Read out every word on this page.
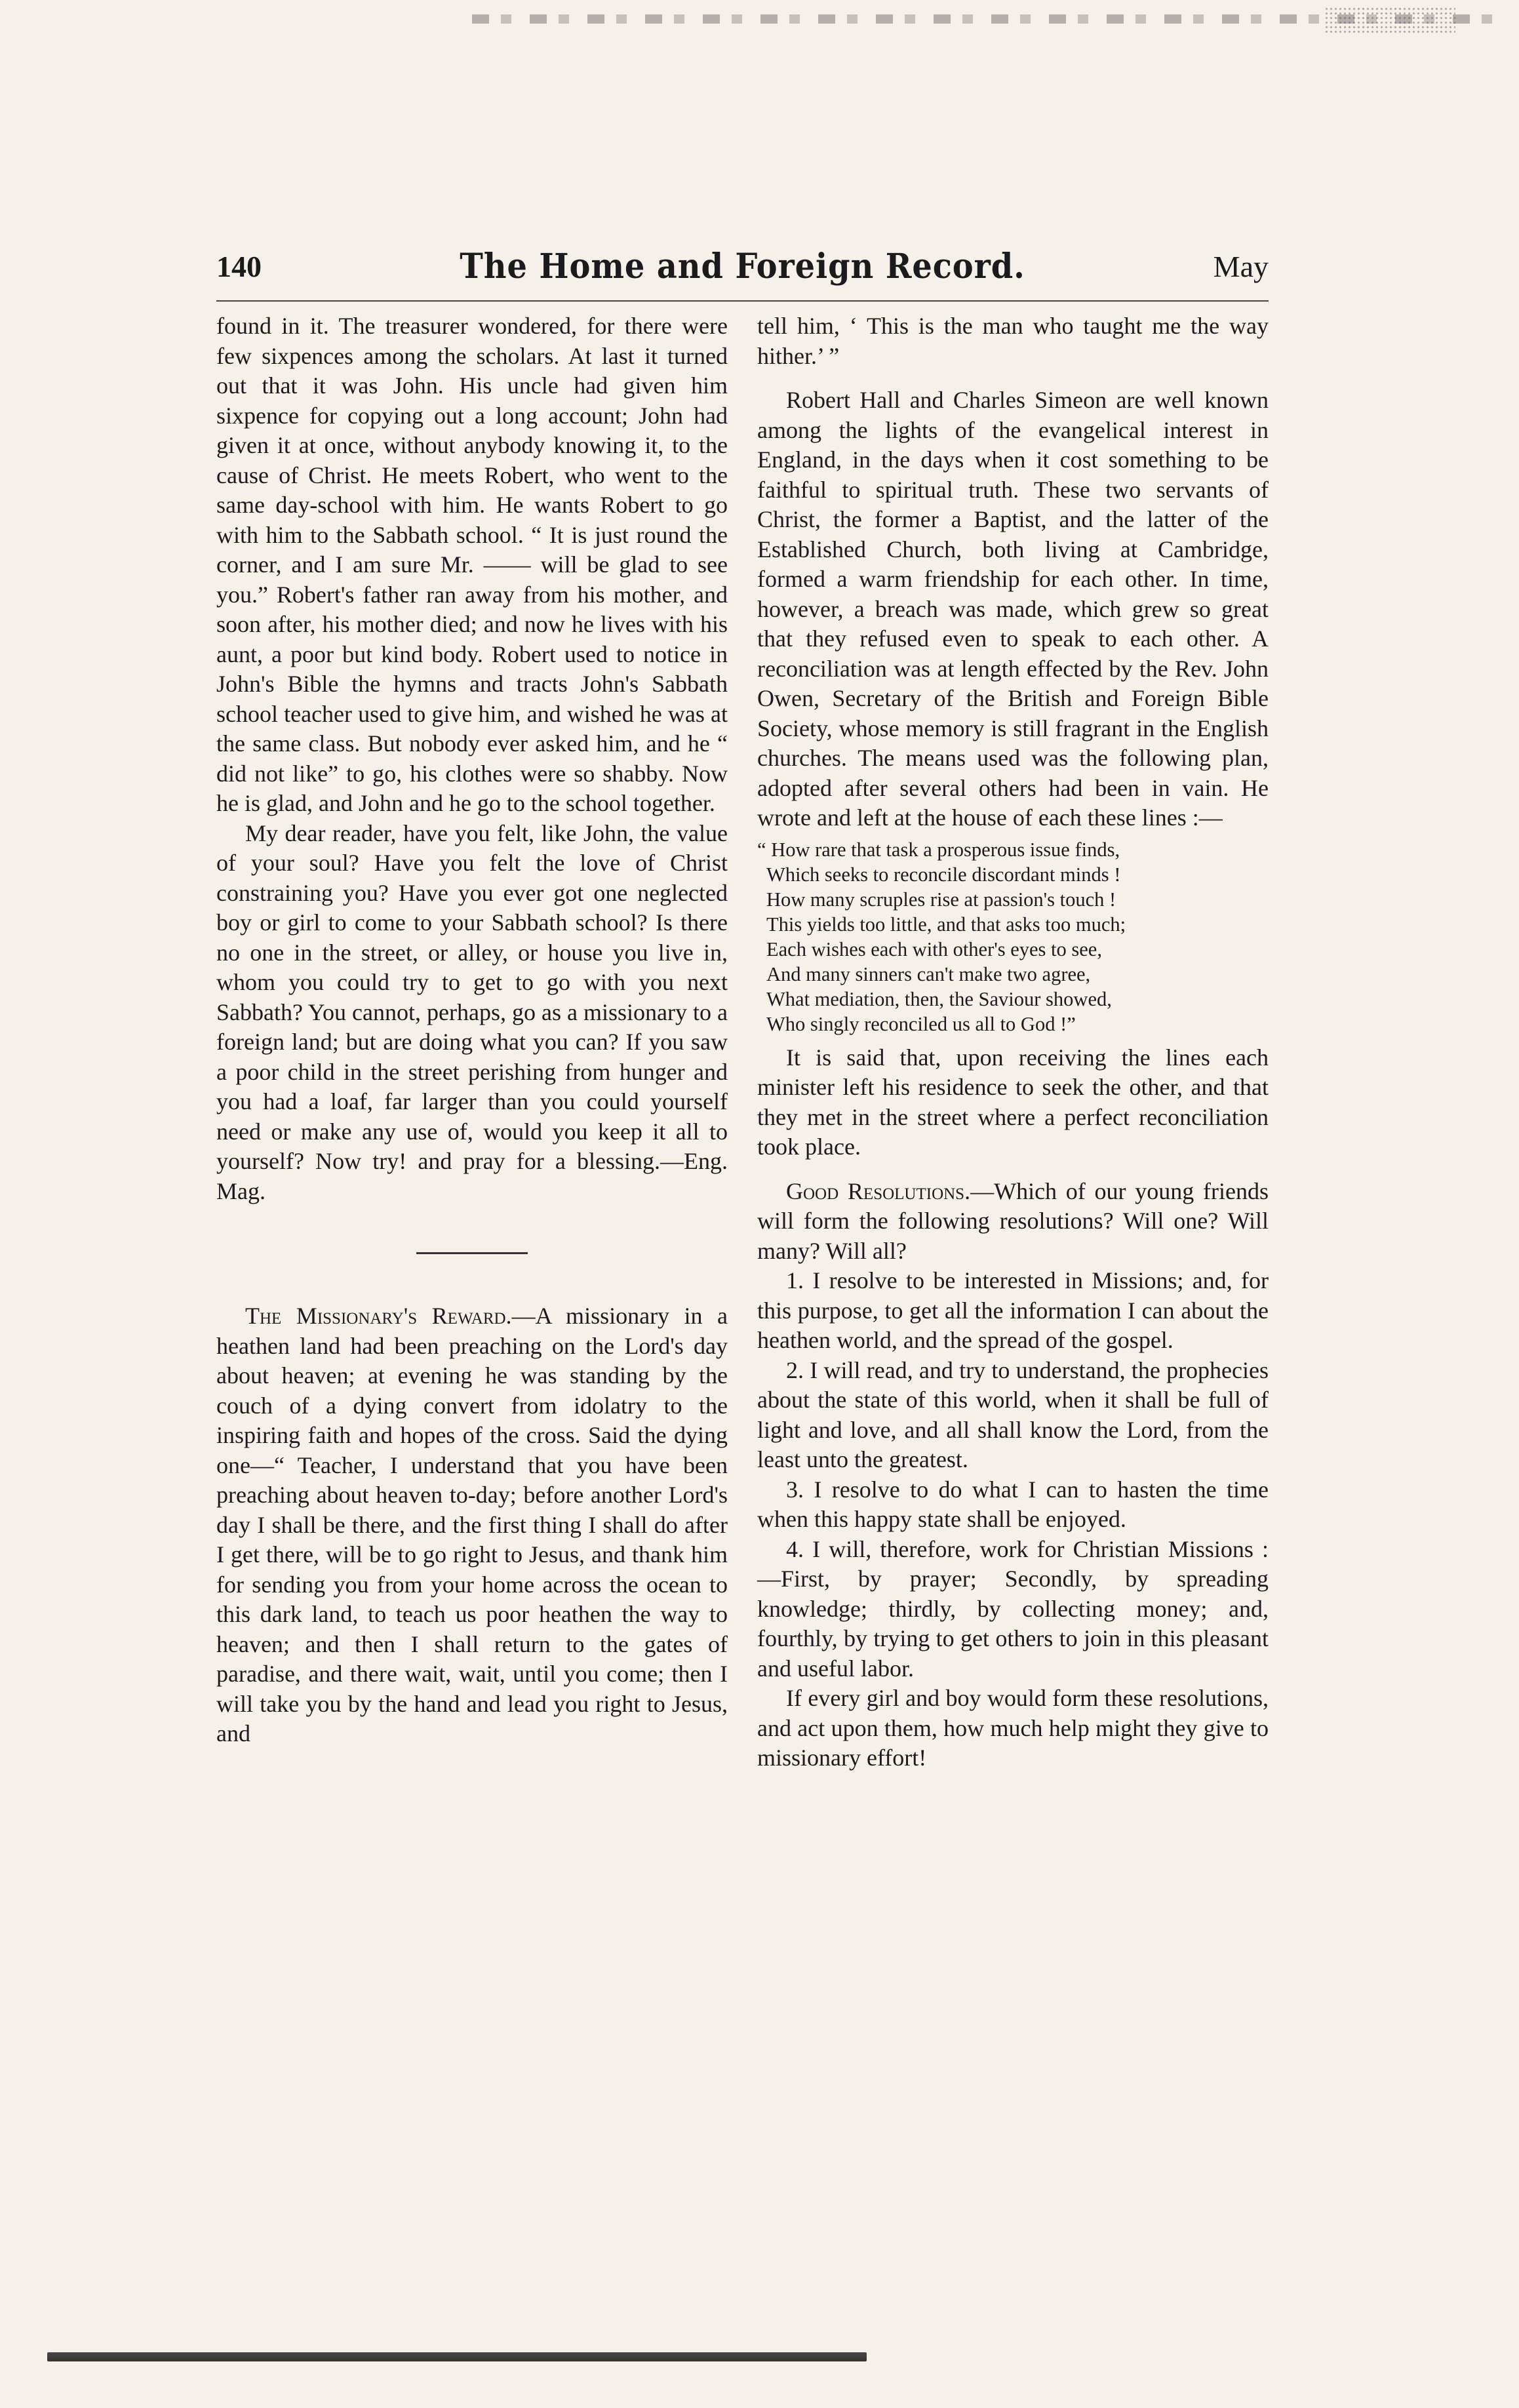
140	The Home and Foreign Record.	May

found in it. The treasurer wondered, for there were few sixpences among the scholars. At last it turned out that it was John. His uncle had given him sixpence for copying out a long account; John had given it at once, without anybody knowing it, to the cause of Christ. He meets Robert, who went to the same day-school with him. He wants Robert to go with him to the Sabbath school. “ It is just round the corner, and I am sure Mr. —— will be glad to see you.” Robert's father ran away from his mother, and soon after, his mother died; and now he lives with his aunt, a poor but kind body. Robert used to notice in John's Bible the hymns and tracts John's Sabbath school teacher used to give him, and wished he was at the same class. But nobody ever asked him, and he “ did not like” to go, his clothes were so shabby. Now he is glad, and John and he go to the school together.

My dear reader, have you felt, like John, the value of your soul? Have you felt the love of Christ constraining you? Have you ever got one neglected boy or girl to come to your Sabbath school? Is there no one in the street, or alley, or house you live in, whom you could try to get to go with you next Sabbath? You cannot, perhaps, go as a missionary to a foreign land; but are doing what you can? If you saw a poor child in the street perishing from hunger and you had a loaf, far larger than you could yourself need or make any use of, would you keep it all to yourself? Now try! and pray for a blessing.—Eng. Mag.

The Missionary's Reward.—A missionary in a heathen land had been preaching on the Lord's day about heaven; at evening he was standing by the couch of a dying convert from idolatry to the inspiring faith and hopes of the cross. Said the dying one—“ Teacher, I understand that you have been preaching about heaven to-day; before another Lord's day I shall be there, and the first thing I shall do after I get there, will be to go right to Jesus, and thank him for sending you from your home across the ocean to this dark land, to teach us poor heathen the way to heaven; and then I shall return to the gates of paradise, and there wait, wait, until you come; then I will take you by the hand and lead you right to Jesus, and

tell him, ‘ This is the man who taught me the way hither.’ ”

Robert Hall and Charles Simeon are well known among the lights of the evangelical interest in England, in the days when it cost something to be faithful to spiritual truth. These two servants of Christ, the former a Baptist, and the latter of the Established Church, both living at Cambridge, formed a warm friendship for each other. In time, however, a breach was made, which grew so great that they refused even to speak to each other. A reconciliation was at length effected by the Rev. John Owen, Secretary of the British and Foreign Bible Society, whose memory is still fragrant in the English churches. The means used was the following plan, adopted after several others had been in vain. He wrote and left at the house of each these lines :—

“ How rare that task a prosperous issue finds,
Which seeks to reconcile discordant minds !
How many scruples rise at passion's touch !
This yields too little, and that asks too much;
Each wishes each with other's eyes to see,
And many sinners can't make two agree,
What mediation, then, the Saviour showed,
Who singly reconciled us all to God !”

It is said that, upon receiving the lines each minister left his residence to seek the other, and that they met in the street where a perfect reconciliation took place.

Good Resolutions.—Which of our young friends will form the following resolutions? Will one? Will many? Will all?

1. I resolve to be interested in Missions; and, for this purpose, to get all the information I can about the heathen world, and the spread of the gospel.

2. I will read, and try to understand, the prophecies about the state of this world, when it shall be full of light and love, and all shall know the Lord, from the least unto the greatest.

3. I resolve to do what I can to hasten the time when this happy state shall be enjoyed.

4. I will, therefore, work for Christian Missions :—First, by prayer; Secondly, by spreading knowledge; thirdly, by collecting money; and, fourthly, by trying to get others to join in this pleasant and useful labor.

If every girl and boy would form these resolutions, and act upon them, how much help might they give to missionary effort!
